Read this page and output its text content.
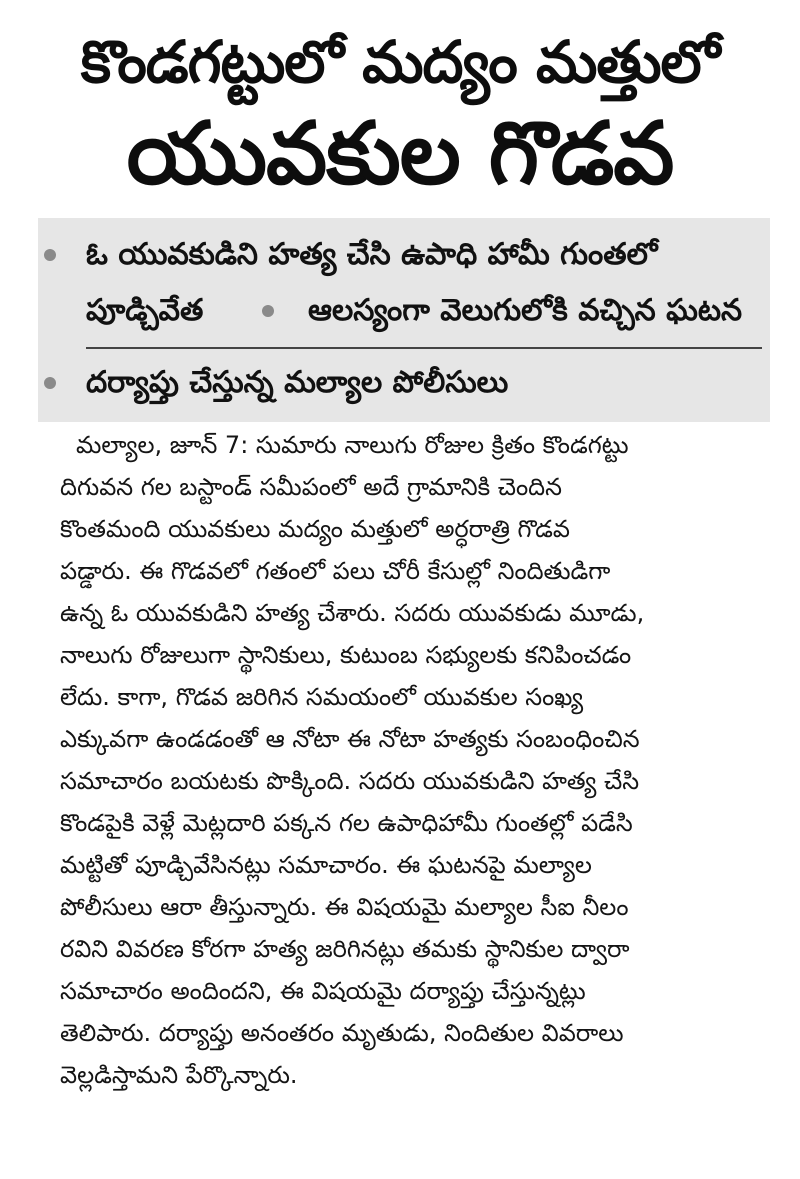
కొండగట్టులో మద్యం మత్తులో
యువకుల గొడవ
ఓ యువకుడిని హత్య చేసి ఉపాధి హామీ గుంతలో
పూడ్చివేత	ఆలస్యంగా వెలుగులోకి వచ్చిన ఘటన
దర్యాప్తు చేస్తున్న మల్యాల పోలీసులు
మల్యాల, జూన్ 7: సుమారు నాలుగు రోజుల క్రితం కొండగట్టు
దిగువన గల బస్టాండ్ సమీపంలో అదే గ్రామానికి చెందిన
కొంతమంది యువకులు మద్యం మత్తులో అర్ధరాత్రి గొడవ
పడ్డారు. ఈ గొడవలో గతంలో పలు చోరీ కేసుల్లో నిందితుడిగా
ఉన్న ఓ యువకుడిని హత్య చేశారు. సదరు యువకుడు మూడు,
నాలుగు రోజులుగా స్థానికులు, కుటుంబ సభ్యులకు కనిపించడం
లేదు. కాగా, గొడవ జరిగిన సమయంలో యువకుల సంఖ్య
ఎక్కువగా ఉండడంతో ఆ నోటా ఈ నోటా హత్యకు సంబంధించిన
సమాచారం బయటకు పొక్కింది. సదరు యువకుడిని హత్య చేసి
కొండపైకి వెళ్లే మెట్లదారి పక్కన గల ఉపాధిహామీ గుంతల్లో పడేసి
మట్టితో పూడ్చివేసినట్లు సమాచారం. ఈ ఘటనపై మల్యాల
పోలీసులు ఆరా తీస్తున్నారు. ఈ విషయమై మల్యాల సీఐ నీలం
రవిని వివరణ కోరగా హత్య జరిగినట్లు తమకు స్థానికుల ద్వారా
సమాచారం అందిందని, ఈ విషయమై దర్యాప్తు చేస్తున్నట్లు
తెలిపారు. దర్యాప్తు అనంతరం మృతుడు, నిందితుల వివరాలు
వెల్లడిస్తామని పేర్కొన్నారు.
